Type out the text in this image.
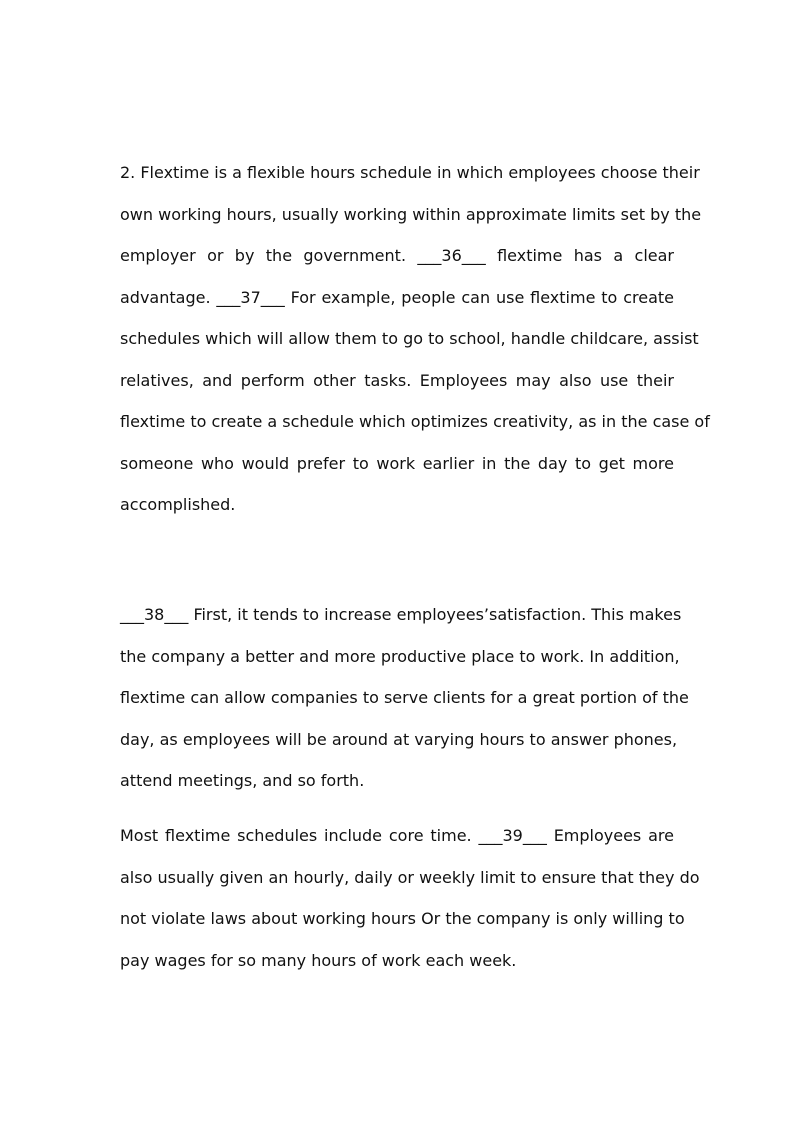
2. Flextime is a flexible hours schedule in which employees choose their
own working hours, usually working within approximate limits set by the
employer or by the government. ___36___ flextime has a clear
advantage. ___37___ For example, people can use flextime to create
schedules which will allow them to go to school, handle childcare, assist
relatives, and perform other tasks. Employees may also use their
flextime to create a schedule which optimizes creativity, as in the case of
someone who would prefer to work earlier in the day to get more
accomplished.
___38___ First, it tends to increase employees’satisfaction. This makes
the company a better and more productive place to work. In addition,
flextime can allow companies to serve clients for a great portion of the
day, as employees will be around at varying hours to answer phones,
attend meetings, and so forth.
Most flextime schedules include core time. ___39___ Employees are
also usually given an hourly, daily or weekly limit to ensure that they do
not violate laws about working hours Or the company is only willing to
pay wages for so many hours of work each week.
